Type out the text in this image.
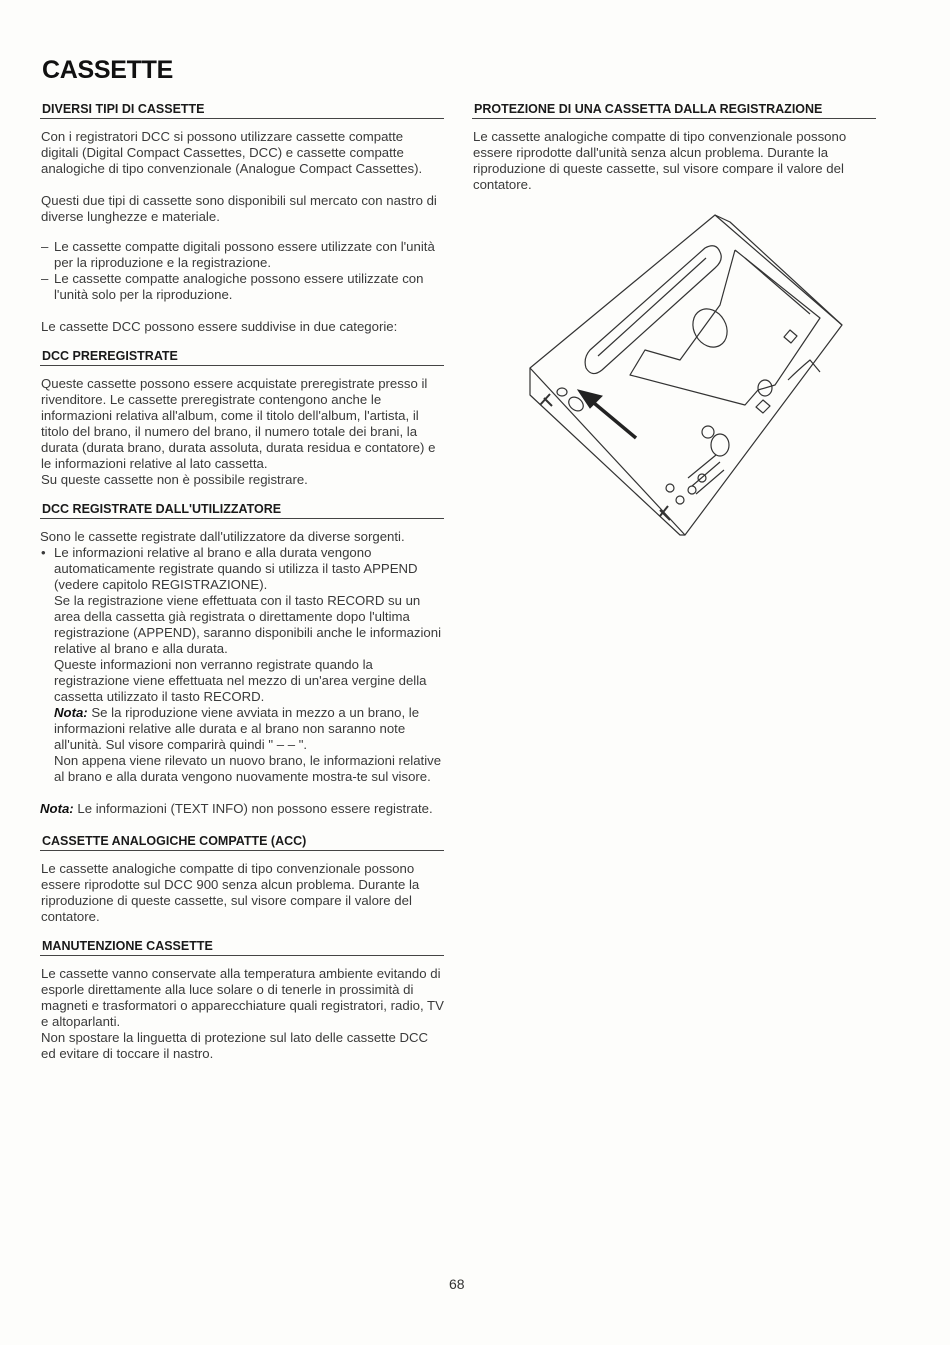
CASSETTE
DIVERSI TIPI DI CASSETTE

Con i registratori DCC si possono utilizzare cassette compatte digitali (Digital Compact Cassettes, DCC) e cassette compatte analogiche di tipo convenzionale (Analogue Compact Cassettes).

Questi due tipi di cassette sono disponibili sul mercato con nastro di diverse lunghezze e materiale.

– Le cassette compatte digitali possono essere utilizzate con l'unità per la riproduzione e la registrazione.
– Le cassette compatte analogiche possono essere utilizzate con l'unità solo per la riproduzione.

Le cassette DCC possono essere suddivise in due categorie:

DCC PREREGISTRATE

Queste cassette possono essere acquistate preregistrate presso il rivenditore. Le cassette preregistrate contengono anche le informazioni relativa all'album, come il titolo dell'album, l'artista, il titolo del brano, il numero del brano, il numero totale dei brani, la durata (durata brano, durata assoluta, durata residua e contatore) e le informazioni relative al lato cassetta.

Su queste cassette non è possibile registrare.

DCC REGISTRATE DALL'UTILIZZATORE

Sono le cassette registrate dall'utilizzatore da diverse sorgenti.

• Le informazioni relative al brano e alla durata vengono automaticamente registrate quando si utilizza il tasto APPEND (vedere capitolo REGISTRAZIONE).

Se la registrazione viene effettuata con il tasto RECORD su un area della cassetta già registrata o direttamente dopo l'ultima registrazione (APPEND), saranno disponibili anche le informazioni relative al brano e alla durata.

Queste informazioni non verranno registrate quando la registrazione viene effettuata nel mezzo di un'area vergine della cassetta utilizzato il tasto RECORD.

Nota: Se la riproduzione viene avviata in mezzo a un brano, le informazioni relative alle durata e al brano non saranno note all'unità. Sul visore comparirà quindi " – – ".

Non appena viene rilevato un nuovo brano, le informazioni relative al brano e alla durata vengono nuovamente mostra-te sul visore.

Nota: Le informazioni (TEXT INFO) non possono essere registrate.

CASSETTE ANALOGICHE COMPATTE (ACC)

Le cassette analogiche compatte di tipo convenzionale possono essere riprodotte sul DCC 900 senza alcun problema. Durante la riproduzione di queste cassette, sul visore compare il valore del contatore.

MANUTENZIONE CASSETTE

Le cassette vanno conservate alla temperatura ambiente evitando di esporle direttamente alla luce solare o di tenerle in prossimità di magneti e trasformatori o apparecchiature quali registratori, radio, TV e altoparlanti.

Non spostare la linguetta di protezione sul lato delle cassette DCC ed evitare di toccare il nastro.

PROTEZIONE DI UNA CASSETTA DALLA REGISTRAZIONE

Le cassette analogiche compatte di tipo convenzionale possono essere riprodotte dall'unità senza alcun problema. Durante la riproduzione di queste cassette, sul visore compare il valore del contatore.

68
